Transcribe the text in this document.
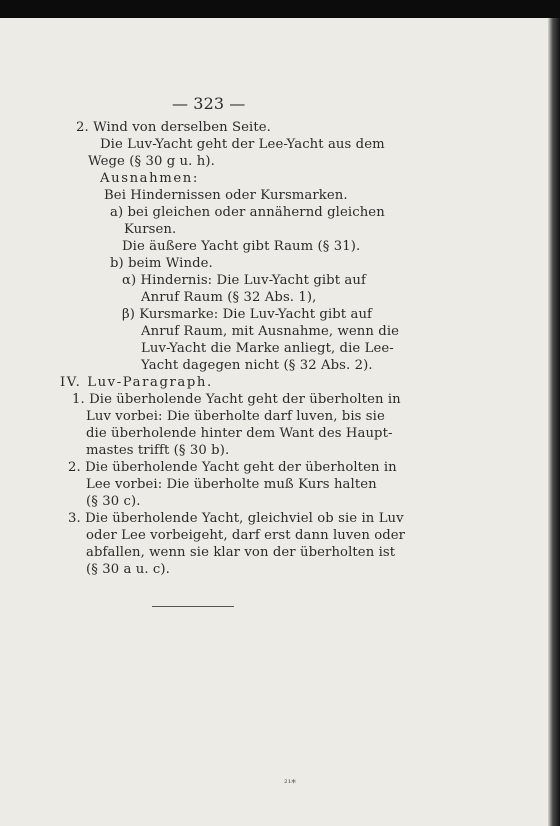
— 323 —
2. Wind von derselben Seite.
Die Luv-Yacht geht der Lee-Yacht aus dem
Wege (§ 30 g u. h).
Ausnahmen:
Bei Hindernissen oder Kursmarken.
a) bei gleichen oder annähernd gleichen
Kursen.
Die äußere Yacht gibt Raum (§ 31).
b) beim Winde.
α) Hindernis: Die Luv-Yacht gibt auf
Anruf Raum (§ 32 Abs. 1),
β) Kursmarke: Die Luv-Yacht gibt auf
Anruf Raum, mit Ausnahme, wenn die
Luv-Yacht die Marke anliegt, die Lee-
Yacht dagegen nicht (§ 32 Abs. 2).
IV. Luv-Paragraph.
1. Die überholende Yacht geht der überholten in
Luv vorbei: Die überholte darf luven, bis sie
die überholende hinter dem Want des Haupt-
mastes trifft (§ 30 b).
2. Die überholende Yacht geht der überholten in
Lee vorbei: Die überholte muß Kurs halten
(§ 30 c).
3. Die überholende Yacht, gleichviel ob sie in Luv
oder Lee vorbeigeht, darf erst dann luven oder
abfallen, wenn sie klar von der überholten ist
(§ 30 a u. c).
²¹*
